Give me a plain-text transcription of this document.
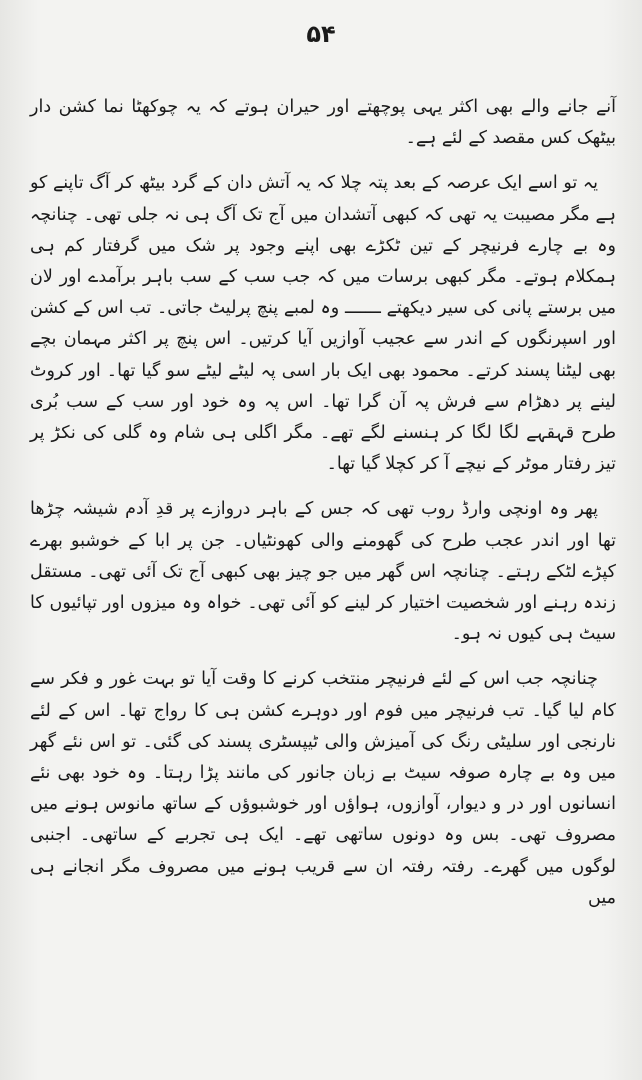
۵۴

آنے جانے والے بھی اکثر یہی پوچھتے اور حیران ہوتے کہ یہ چوکھٹا نما کشن دار بیٹھک کس مقصد کے لئے ہے۔

یہ تو اسے ایک عرصہ کے بعد پتہ چلا کہ یہ آتش دان کے گرد بیٹھ کر آگ تاپنے کو ہے مگر مصیبت یہ تھی کہ کبھی آتشدان میں آج تک آگ ہی نہ جلی تھی۔ چنانچہ وہ بے چارے فرنیچر کے تین ٹکڑے بھی اپنے وجود پر شک میں گرفتار کم ہی ہمکلام ہوتے۔ مگر کبھی برسات میں کہ جب سب کے سب باہر برآمدے اور لان میں برستے پانی کی سیر دیکھتے ـــــــ وہ لمبے پنچ پرلیٹ جاتی۔ تب اس کے کشن اور اسپرنگوں کے اندر سے عجیب آوازیں آیا کرتیں۔ اس پنچ پر اکثر مہمان بچے بھی لیٹنا پسند کرتے۔ محمود بھی ایک بار اسی پہ لیٹے لیٹے سو گیا تھا۔ اور کروٹ لینے پر دھڑام سے فرش پہ آن گرا تھا۔ اس پہ وہ خود اور سب کے سب بُری طرح قہقہے لگا لگا کر ہنسنے لگے تھے۔ مگر اگلی ہی شام وہ گلی کی نکڑ پر تیز رفتار موٹر کے نیچے آ کر کچلا گیا تھا۔

پھر وہ اونچی وارڈ روب تھی کہ جس کے باہر دروازے پر قدِ آدم شیشہ چڑھا تھا اور اندر عجب طرح کی گھومنے والی کھونٹیاں۔ جن پر ابا کے خوشبو بھرے کپڑے لٹکے رہتے۔ چنانچہ اس گھر میں جو چیز بھی کبھی آج تک آئی تھی۔ مستقل زندہ رہنے اور شخصیت اختیار کر لینے کو آئی تھی۔ خواہ وہ میزوں اور تپائیوں کا سیٹ ہی کیوں نہ ہو۔

چنانچہ جب اس کے لئے فرنیچر منتخب کرنے کا وقت آیا تو بہت غور و فکر سے کام لیا گیا۔ تب فرنیچر میں فوم اور دوہرے کشن ہی کا رواج تھا۔ اس کے لئے نارنجی اور سلیٹی رنگ کی آمیزش والی ٹیپسٹری پسند کی گئی۔ تو اس نئے گھر میں وہ بے چارہ صوفہ سیٹ بے زبان جانور کی مانند پڑا رہتا۔ وہ خود بھی نئے انسانوں اور در و دیوار، آوازوں، ہواؤں اور خوشبوؤں کے ساتھ مانوس ہونے میں مصروف تھی۔ بس وہ دونوں ساتھی تھے۔ ایک ہی تجربے کے ساتھی۔ اجنبی لوگوں میں گھرے۔ رفتہ رفتہ ان سے قریب ہونے میں مصروف مگر انجانے ہی میں
